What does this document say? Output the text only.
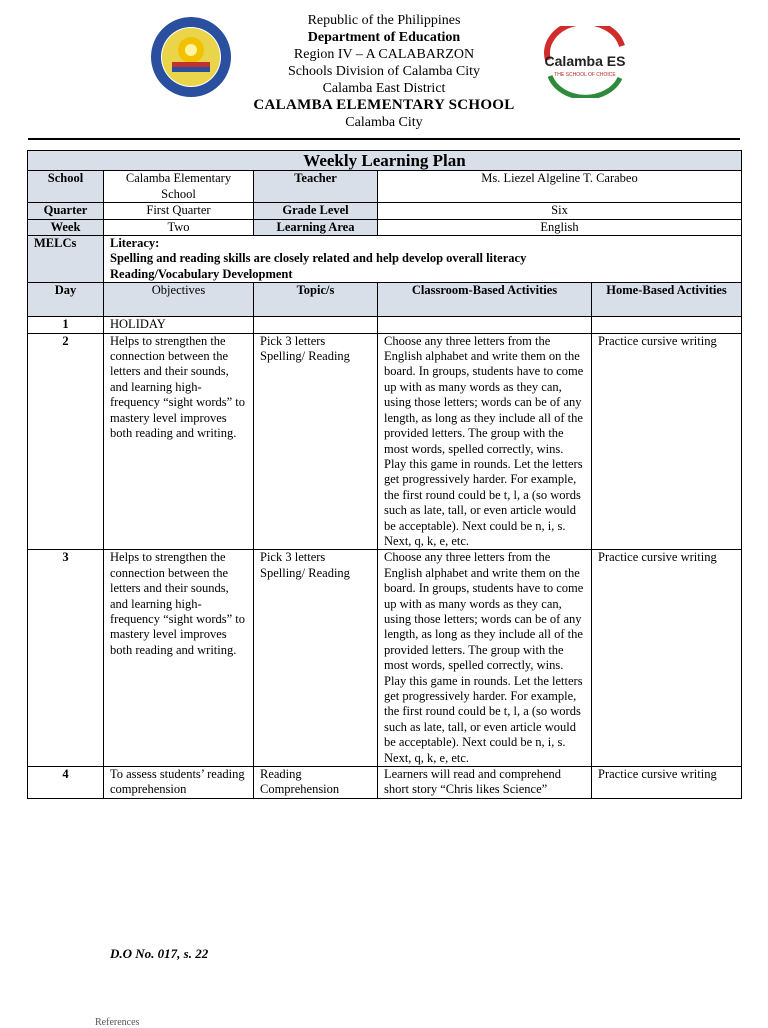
Calamba ES
THE SCHOOL OF CHOICE
Republic of the Philippines
Department of Education
Region IV – A CALABARZON
Schools Division of Calamba City
Calamba East District
CALAMBA ELEMENTARY SCHOOL
Calamba City
Weekly Learning Plan				
School	Calamba Elementary School	Teacher	Ms. Liezel Algeline T. Carabeo	
Quarter	First Quarter	Grade Level	Six	
Week	Two	Learning Area	English	
MELCs	Literacy:
Spelling and reading skills are closely related and help develop overall literacy
Reading/Vocabulary Development			

Day	Objectives	Topic/s	Classroom-Based Activities	Home-Based Activities
1	HOLIDAY			
2	Helps to strengthen the connection between the letters and their sounds, and learning high-frequency “sight words” to mastery level improves both reading and writing.	Pick 3 letters Spelling/ Reading	Choose any three letters from the English alphabet and write them on the board. In groups, students have to come up with as many words as they can, using those letters; words can be of any length, as long as they include all of the provided letters. The group with the most words, spelled correctly, wins. Play this game in rounds. Let the letters get progressively harder. For example, the first round could be t, l, a (so words such as late, tall, or even article would be acceptable). Next could be n, i, s. Next, q, k, e, etc.	Practice cursive writing
3	Helps to strengthen the connection between the letters and their sounds, and learning high-frequency “sight words” to mastery level improves both reading and writing.	Pick 3 letters Spelling/ Reading	Choose any three letters from the English alphabet and write them on the board. In groups, students have to come up with as many words as they can, using those letters; words can be of any length, as long as they include all of the provided letters. The group with the most words, spelled correctly, wins. Play this game in rounds. Let the letters get progressively harder. For example, the first round could be t, l, a (so words such as late, tall, or even article would be acceptable). Next could be n, i, s. Next, q, k, e, etc.	Practice cursive writing
4	To assess students’ reading comprehension	Reading Comprehension	Learners will read and comprehend short story “Chris likes Science”	Practice cursive writing
D.O No. 017, s. 22
References
